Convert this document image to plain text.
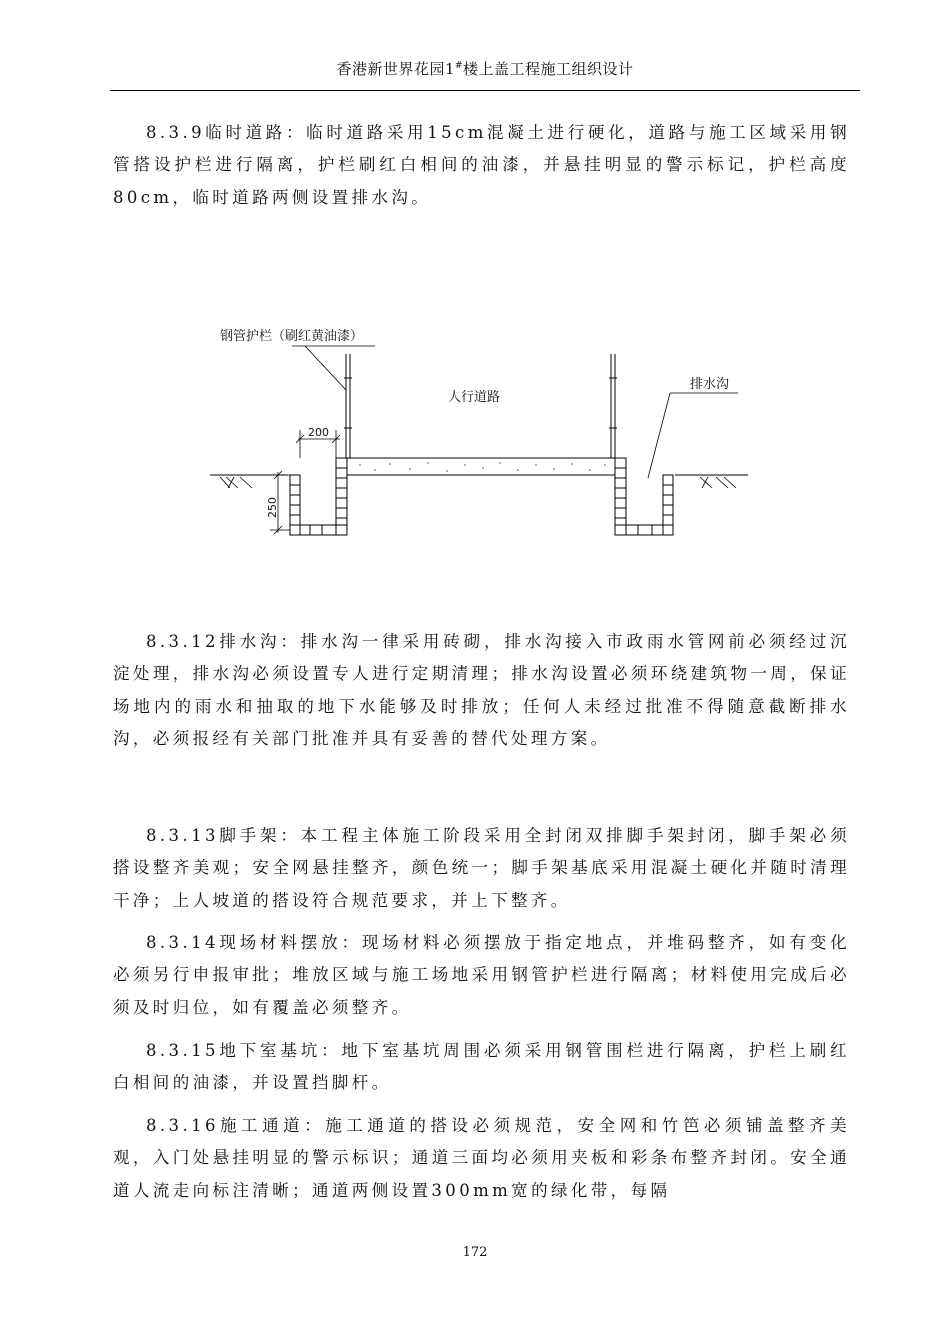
香港新世界花园1#楼上盖工程施工组织设计

8.3.9临时道路：临时道路采用15cm混凝土进行硬化，道路与施工区域采用钢管搭设护栏进行隔离，护栏刷红白相间的油漆，并悬挂明显的警示标记，护栏高度80cm，临时道路两侧设置排水沟。

200
250
钢管护栏（刷红黄油漆）
人行道路
排水沟

8.3.12排水沟：排水沟一律采用砖砌，排水沟接入市政雨水管网前必须经过沉淀处理，排水沟必须设置专人进行定期清理；排水沟设置必须环绕建筑物一周，保证场地内的雨水和抽取的地下水能够及时排放；任何人未经过批准不得随意截断排水沟，必须报经有关部门批准并具有妥善的替代处理方案。

8.3.13脚手架：本工程主体施工阶段采用全封闭双排脚手架封闭，脚手架必须搭设整齐美观；安全网悬挂整齐，颜色统一；脚手架基底采用混凝土硬化并随时清理干净；上人坡道的搭设符合规范要求，并上下整齐。

8.3.14现场材料摆放：现场材料必须摆放于指定地点，并堆码整齐，如有变化必须另行申报审批；堆放区域与施工场地采用钢管护栏进行隔离；材料使用完成后必须及时归位，如有覆盖必须整齐。

8.3.15地下室基坑：地下室基坑周围必须采用钢管围栏进行隔离，护栏上刷红白相间的油漆，并设置挡脚杆。

8.3.16施工通道：施工通道的搭设必须规范，安全网和竹笆必须铺盖整齐美观，入门处悬挂明显的警示标识；通道三面均必须用夹板和彩条布整齐封闭。安全通道人流走向标注清晰；通道两侧设置300mm宽的绿化带，每隔

172
